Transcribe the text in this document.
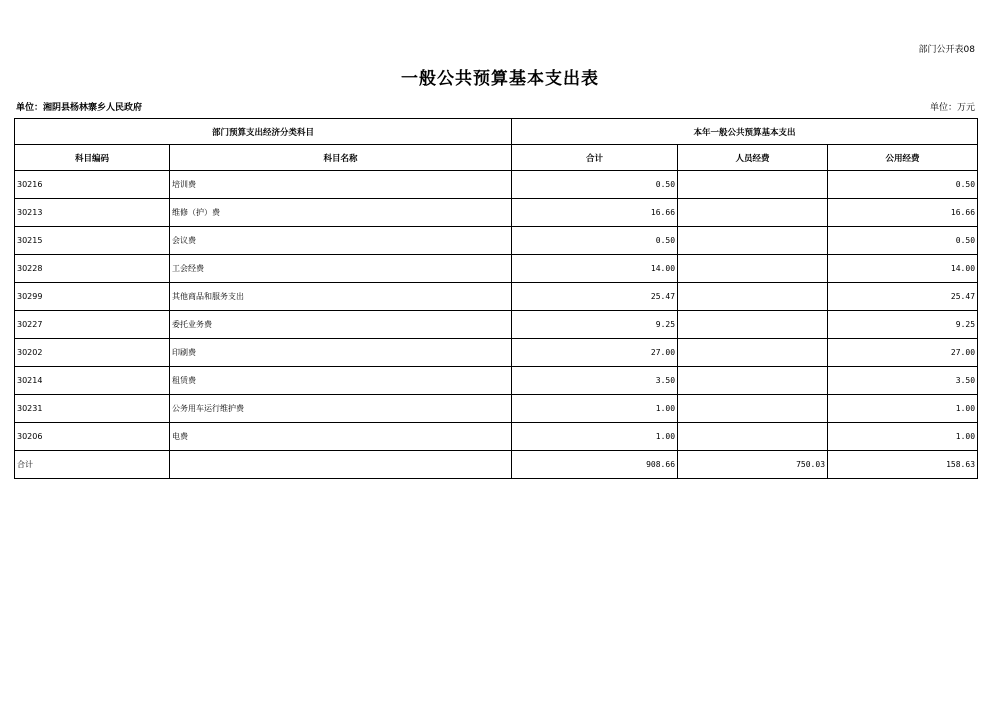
部门公开表08
一般公共预算基本支出表
单位：湘阴县杨林寨乡人民政府	单位：万元
部门预算支出经济分类科目		本年一般公共预算基本支出		
科目编码	科目名称	合计	人员经费	公用经费
30216	培训费	0.50		0.50
30213	维修（护）费	16.66		16.66
30215	会议费	0.50		0.50
30228	工会经费	14.00		14.00
30299	其他商品和服务支出	25.47		25.47
30227	委托业务费	9.25		9.25
30202	印刷费	27.00		27.00
30214	租赁费	3.50		3.50
30231	公务用车运行维护费	1.00		1.00
30206	电费	1.00		1.00
合计		908.66	750.03	158.63
